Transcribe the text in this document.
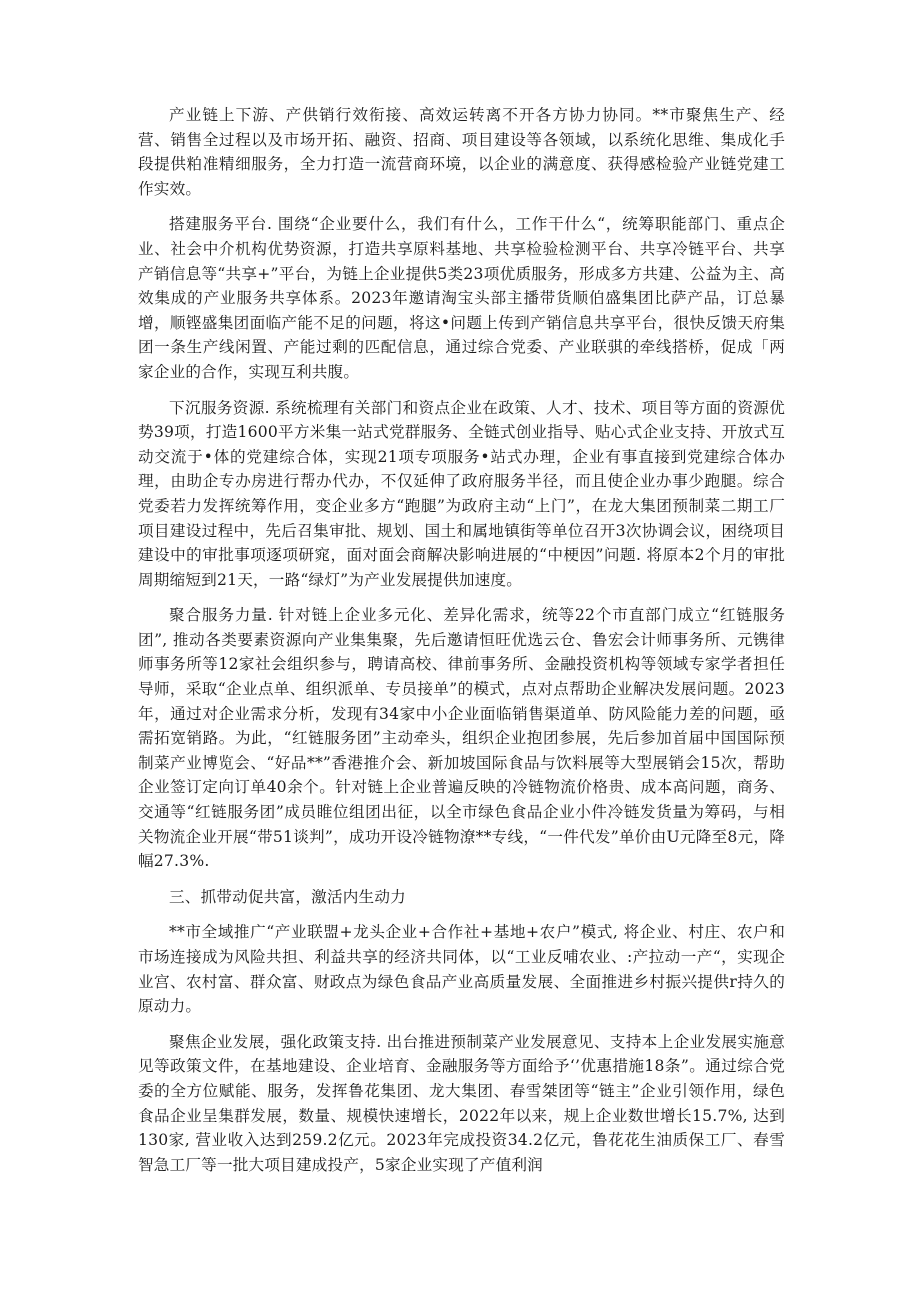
产业链上下游、产供销行效衔接、高效运转离不开各方协力协同。**市聚焦生产、经营、销售全过程以及市场开拓、融资、招商、项目建设等各领域，以系统化思维、集成化手段提供粕准精细服务，全力打造一流营商环境，以企业的满意度、获得感检验产业链党建工作实效。

搭建服务平台. 围绕“企业要什么，我们有什么，工作干什么“，统筹职能部门、重点企业、社会中介机构优势资源，打造共享原料基地、共享检验检测平台、共享冷链平台、共享产销信息等“共享+”平台，为链上企业提供5类23项优质服务，形成多方共建、公益为主、高效集成的产业服务共享体系。2023年邀请淘宝头部主播带货顺伯盛集团比萨产品，订总暴增，顺铿盛集团面临产能不足的问题，将这•问题上传到产销信息共享平台，很快反馈天府集团一条生产线闲置、产能过剩的匹配信息，通过综合党委、产业联骐的牵线搭桥，促成「两家企业的合作，实现互利共腹。

下沉服务资源. 系统梳理有关部门和资点企业在政策、人才、技术、项目等方面的资源优势39项，打造1600平方米集一站式党群服务、全链式创业指导、贴心式企业支持、开放式互动交流于•体的党建综合体，实现21项专项服务•站式办理，企业有事直接到党建综合体办理，由助企专办房进行帮办代办，不仅延伸了政府服务半径，而且使企业办事少跑腿。综合党委若力发挥统筹作用，变企业多方“跑腿”为政府主动“上门”，在龙大集团预制菜二期工厂项目建设过程中，先后召集审批、规划、国土和属地镇街等单位召开3次协调会议，困绕项目建设中的审批事项逐项研窕，面对面会商解决影响进展的“中梗因”问题. 将原本2个月的审批周期缩短到21天，一路“绿灯”为产业发展提供加速度。

聚合服务力量. 针对链上企业多元化、差异化需求，统等22个市直部门成立“红链服务团”, 推动各类要素资源向产业集集聚，先后邀请恒旺优选云仓、鲁宏会计师事务所、元镌律师事务所等12家社会组织参与，聘请高校、律前事务所、金融投资机构等领域专家学者担任导师，采取“企业点单、组织派单、专员接单”的模式，点对点帮助企业解决发展问题。2023年，通过对企业需求分析，发现有34家中小企业面临销售渠道单、防风险能力差的问题，亟需拓宽销路。为此，“红链服务团”主动牵头，组织企业抱团参展，先后参加首届中国国际预制菜产业博览会、“好品**”香港推介会、新加坡国际食品与饮料展等大型展销会15次，帮助企业签订定向订单40余个。针对链上企业普遍反映的冷链物流价格贵、成本高问题，商务、交通等“红链服务团”成员睢位组团出征，以全市绿色食品企业小件冷链发货量为筹码，与相关物流企业开展“带51谈判”，成功开设冷链物潦**专线，“一件代发”单价由U元降至8元，降幅27.3%.

三、抓带动促共富，激活内生动力

**市全域推广“产业联盟+龙头企业+合作社+基地+农户”模式, 将企业、村庄、农户和市场连接成为风险共担、利益共享的经济共同体，以“工业反哺农业、:产拉动一产“，实现企业宫、农村富、群众富、财政点为绿色食品产业高质量发展、全面推进乡村振兴提供r持久的原动力。

聚焦企业发展，强化政策支持. 出台推进预制菜产业发展意见、支持本上企业发展实施意见等政策文件，在基地建设、企业培育、金融服务等方面给予‘’优惠措施18条”。通过综合党委的全方位赋能、服务，发挥鲁花集团、龙大集团、春雪桀团等“链主”企业引领作用，绿色食品企业呈集群发展，数量、规模快速增长，2022年以来，规上企业数世增长15.7%, 达到130家, 营业收入达到259.2亿元。2023年完成投资34.2亿元，鲁花花生油质保工厂、春雪智急工厂等一批大项目建成投产，5家企业实现了产值利润
